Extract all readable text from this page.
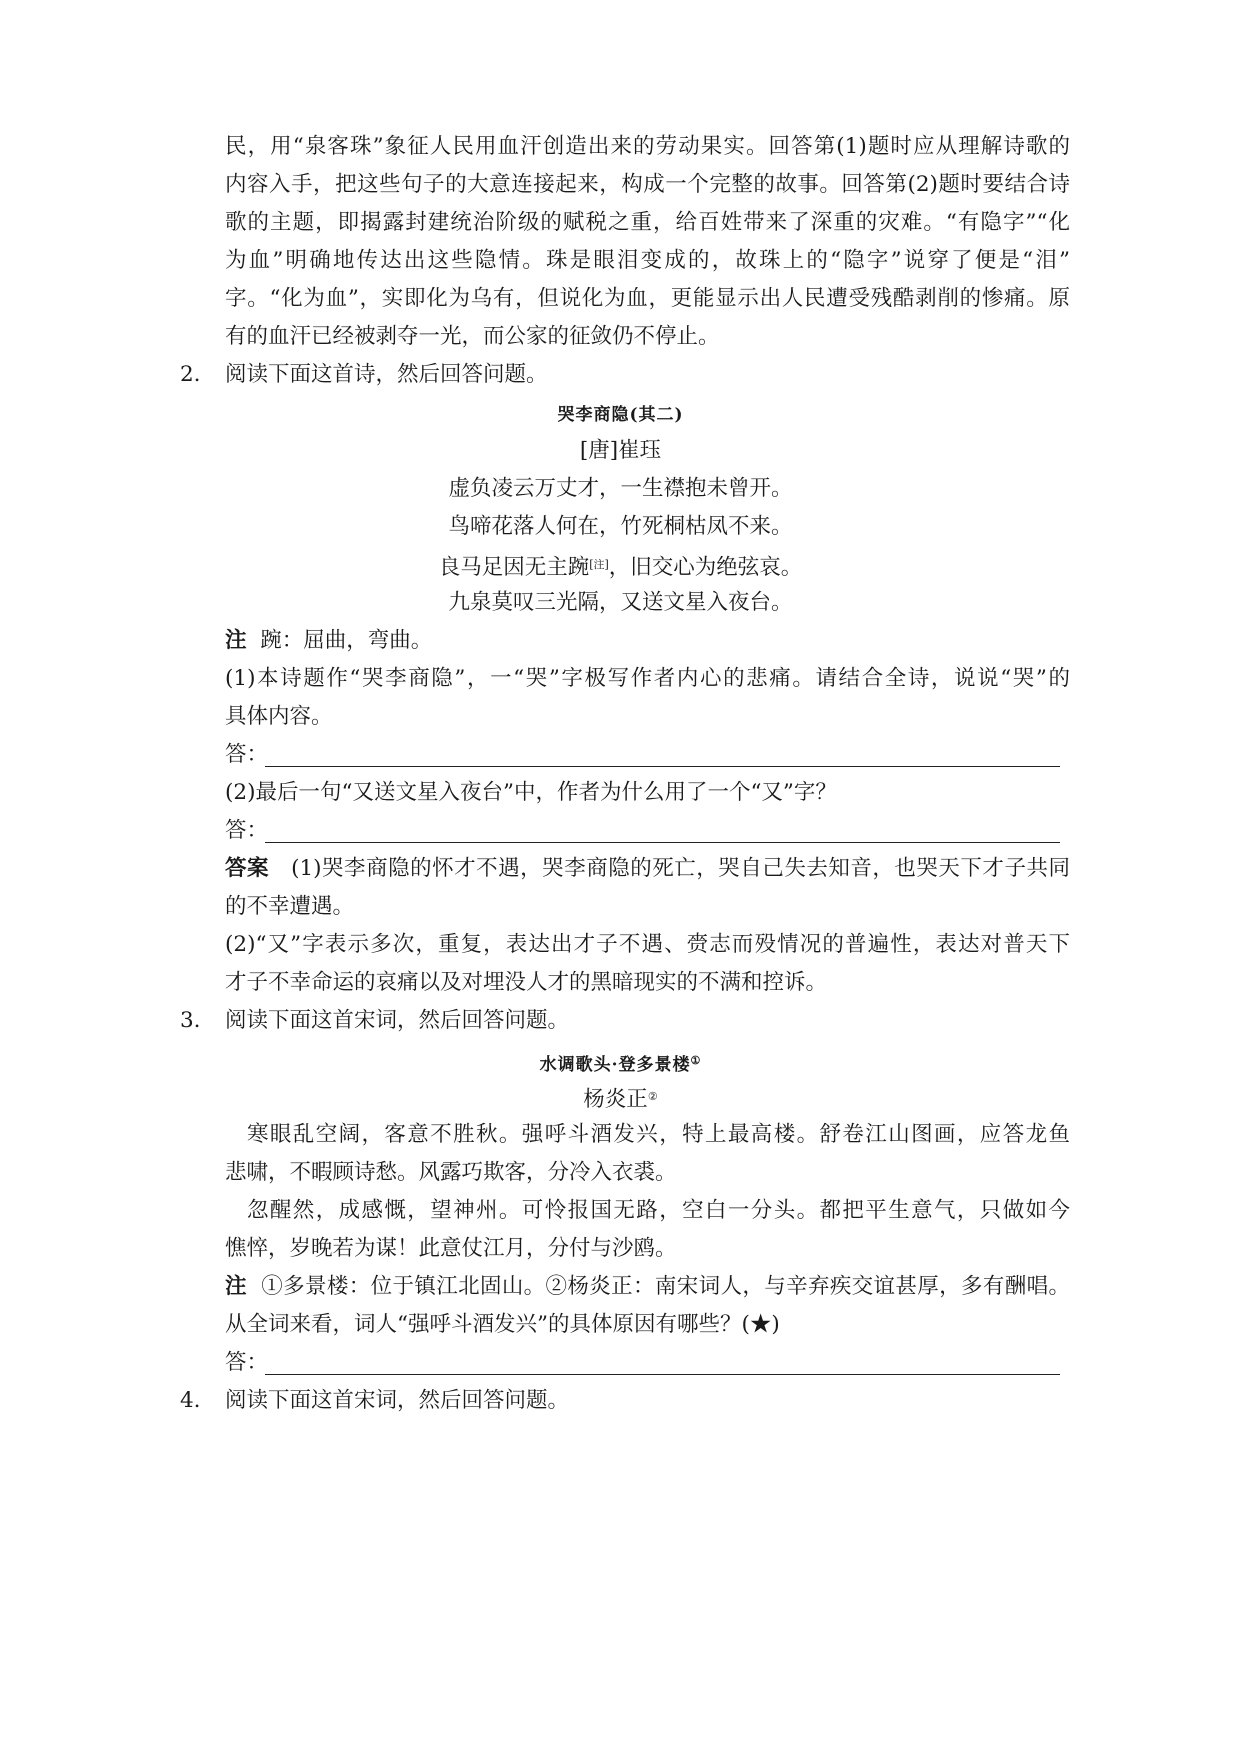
民，用“泉客珠”象征人民用血汗创造出来的劳动果实。回答第(1)题时应从理解诗歌的
内容入手，把这些句子的大意连接起来，构成一个完整的故事。回答第(2)题时要结合诗
歌的主题，即揭露封建统治阶级的赋税之重，给百姓带来了深重的灾难。“有隐字”“化
为血”明确地传达出这些隐情。珠是眼泪变成的，故珠上的“隐字”说穿了便是“泪”
字。“化为血”，实即化为乌有，但说化为血，更能显示出人民遭受残酷剥削的惨痛。原
有的血汗已经被剥夺一光，而公家的征敛仍不停止。
2. 阅读下面这首诗，然后回答问题。
哭李商隐(其二)
[唐]崔珏
虚负凌云万丈才，一生襟抱未曾开。
鸟啼花落人何在，竹死桐枯凤不来。
良马足因无主踠[注]，旧交心为绝弦哀。
九泉莫叹三光隔，又送文星入夜台。
注 踠：屈曲，弯曲。
(1)本诗题作“哭李商隐”，一“哭”字极写作者内心的悲痛。请结合全诗，说说“哭”的
具体内容。
答：
(2)最后一句“又送文星入夜台”中，作者为什么用了一个“又”字？
答：
答案 (1)哭李商隐的怀才不遇，哭李商隐的死亡，哭自己失去知音，也哭天下才子共同
的不幸遭遇。
(2)“又”字表示多次，重复，表达出才子不遇、赍志而殁情况的普遍性，表达对普天下
才子不幸命运的哀痛以及对埋没人才的黑暗现实的不满和控诉。
3. 阅读下面这首宋词，然后回答问题。
水调歌头·登多景楼①
杨炎正②
寒眼乱空阔，客意不胜秋。强呼斗酒发兴，特上最高楼。舒卷江山图画，应答龙鱼
悲啸，不暇顾诗愁。风露巧欺客，分冷入衣裘。
忽醒然，成感慨，望神州。可怜报国无路，空白一分头。都把平生意气，只做如今
憔悴，岁晚若为谋！此意仗江月，分付与沙鸥。
注 ①多景楼：位于镇江北固山。②杨炎正：南宋词人，与辛弃疾交谊甚厚，多有酬唱。
从全词来看，词人“强呼斗酒发兴”的具体原因有哪些？(★)
答：
4. 阅读下面这首宋词，然后回答问题。
